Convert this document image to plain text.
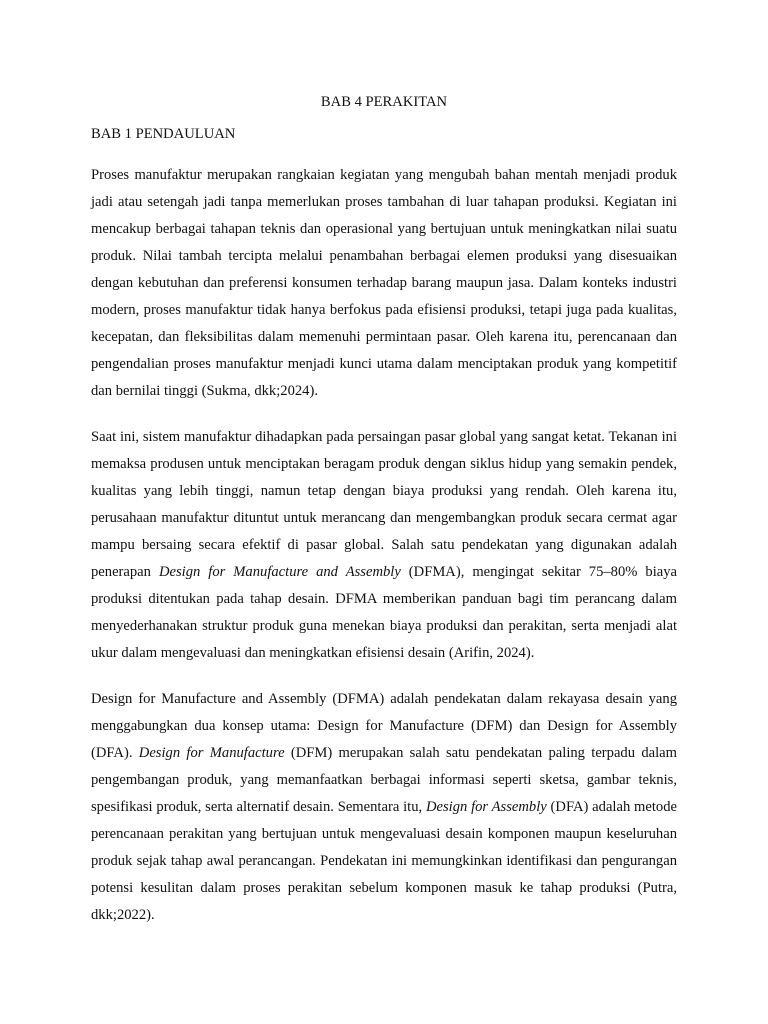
BAB 4 PERAKITAN
BAB 1 PENDAULUAN

Proses manufaktur merupakan rangkaian kegiatan yang mengubah bahan mentah menjadi produk jadi atau setengah jadi tanpa memerlukan proses tambahan di luar tahapan produksi. Kegiatan ini mencakup berbagai tahapan teknis dan operasional yang bertujuan untuk meningkatkan nilai suatu produk. Nilai tambah tercipta melalui penambahan berbagai elemen produksi yang disesuaikan dengan kebutuhan dan preferensi konsumen terhadap barang maupun jasa. Dalam konteks industri modern, proses manufaktur tidak hanya berfokus pada efisiensi produksi, tetapi juga pada kualitas, kecepatan, dan fleksibilitas dalam memenuhi permintaan pasar. Oleh karena itu, perencanaan dan pengendalian proses manufaktur menjadi kunci utama dalam menciptakan produk yang kompetitif dan bernilai tinggi (Sukma, dkk;2024).

Saat ini, sistem manufaktur dihadapkan pada persaingan pasar global yang sangat ketat. Tekanan ini memaksa produsen untuk menciptakan beragam produk dengan siklus hidup yang semakin pendek, kualitas yang lebih tinggi, namun tetap dengan biaya produksi yang rendah. Oleh karena itu, perusahaan manufaktur dituntut untuk merancang dan mengembangkan produk secara cermat agar mampu bersaing secara efektif di pasar global. Salah satu pendekatan yang digunakan adalah penerapan Design for Manufacture and Assembly (DFMA), mengingat sekitar 75–80% biaya produksi ditentukan pada tahap desain. DFMA memberikan panduan bagi tim perancang dalam menyederhanakan struktur produk guna menekan biaya produksi dan perakitan, serta menjadi alat ukur dalam mengevaluasi dan meningkatkan efisiensi desain (Arifin, 2024).

Design for Manufacture and Assembly (DFMA) adalah pendekatan dalam rekayasa desain yang menggabungkan dua konsep utama: Design for Manufacture (DFM) dan Design for Assembly (DFA). Design for Manufacture (DFM) merupakan salah satu pendekatan paling terpadu dalam pengembangan produk, yang memanfaatkan berbagai informasi seperti sketsa, gambar teknis, spesifikasi produk, serta alternatif desain. Sementara itu, Design for Assembly (DFA) adalah metode perencanaan perakitan yang bertujuan untuk mengevaluasi desain komponen maupun keseluruhan produk sejak tahap awal perancangan. Pendekatan ini memungkinkan identifikasi dan pengurangan potensi kesulitan dalam proses perakitan sebelum komponen masuk ke tahap produksi (Putra, dkk;2022).
